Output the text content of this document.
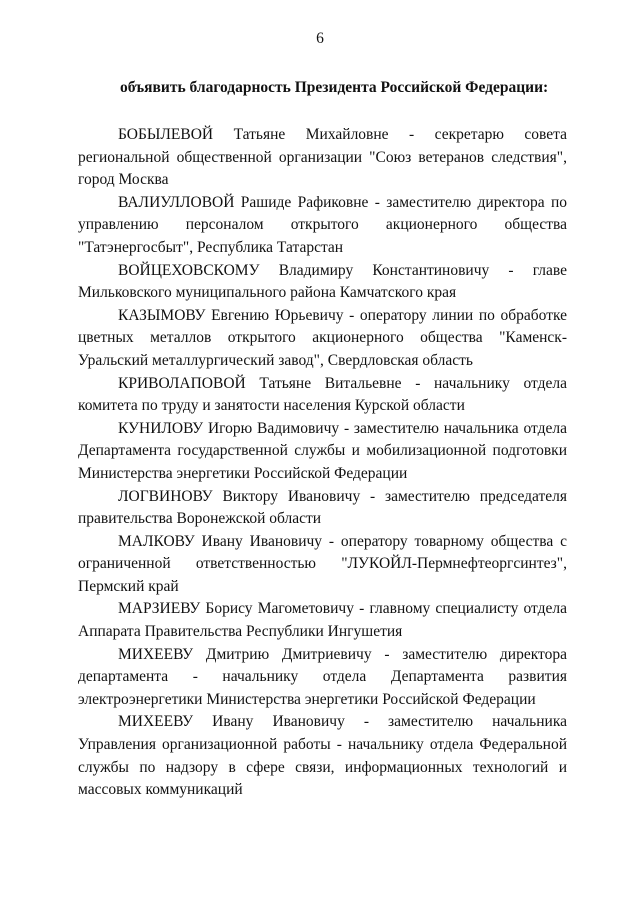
6
объявить благодарность Президента Российской Федерации:

БОБЫЛЕВОЙ Татьяне Михайловне - секретарю совета региональной общественной организации "Союз ветеранов следствия", город Москва

ВАЛИУЛЛОВОЙ Рашиде Рафиковне - заместителю директора по управлению персоналом открытого акционерного общества "Татэнергосбыт", Республика Татарстан

ВОЙЦЕХОВСКОМУ Владимиру Константиновичу - главе Мильковского муниципального района Камчатского края

КАЗЫМОВУ Евгению Юрьевичу - оператору линии по обработке цветных металлов открытого акционерного общества "Каменск-Уральский металлургический завод", Свердловская область

КРИВОЛАПОВОЙ Татьяне Витальевне - начальнику отдела комитета по труду и занятости населения Курской области

КУНИЛОВУ Игорю Вадимовичу - заместителю начальника отдела Департамента государственной службы и мобилизационной подготовки Министерства энергетики Российской Федерации

ЛОГВИНОВУ Виктору Ивановичу - заместителю председателя правительства Воронежской области

МАЛКОВУ Ивану Ивановичу - оператору товарному общества с ограниченной ответственностью "ЛУКОЙЛ-Пермнефтеоргсинтез", Пермский край

МАРЗИЕВУ Борису Магометовичу - главному специалисту отдела Аппарата Правительства Республики Ингушетия

МИХЕЕВУ Дмитрию Дмитриевичу - заместителю директора департамента - начальнику отдела Департамента развития электроэнергетики Министерства энергетики Российской Федерации

МИХЕЕВУ Ивану Ивановичу - заместителю начальника Управления организационной работы - начальнику отдела Федеральной службы по надзору в сфере связи, информационных технологий и массовых коммуникаций
